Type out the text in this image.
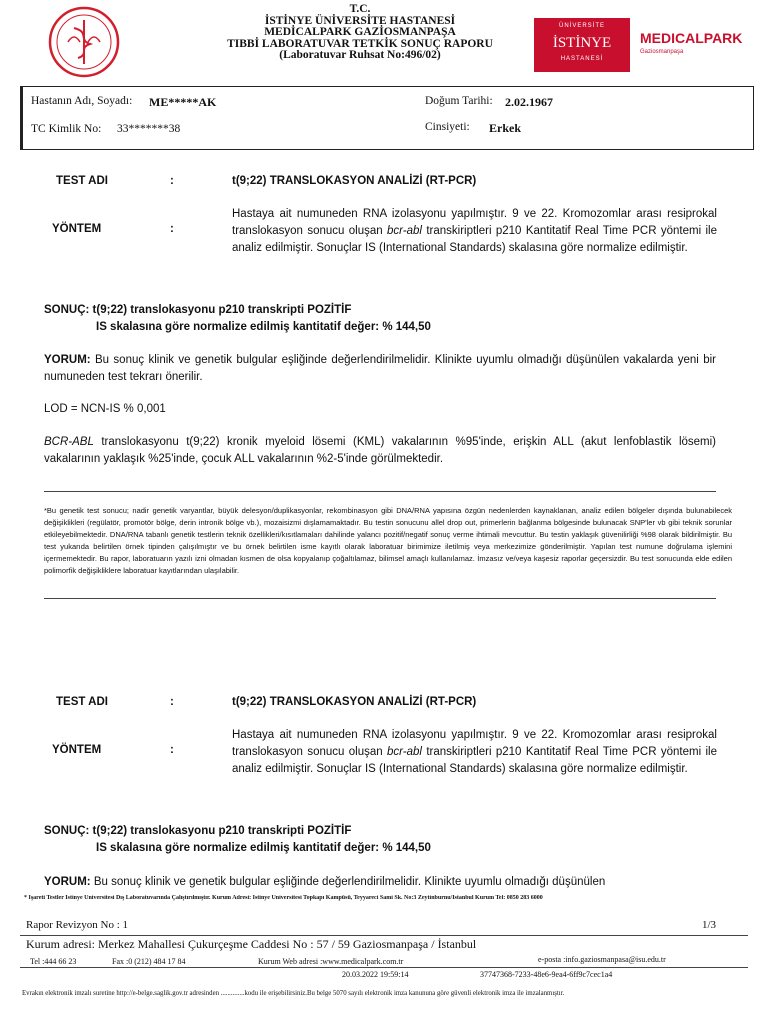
T.C.
İSTİNYE ÜNİVERSİTE HASTANESİ
MEDİCALPARK GAZİOSMANPAŞA
TIBBİ LABORATUVAR TETKİK SONUÇ RAPORU
(Laboratuvar Ruhsat No:496/02)
ÜNİVERSİTE
İSTİNYE
HASTANESİ
MEDICALPARK
Gaziosmanpaşa
Hastanın Adı, Soyadı: ME*****AK	Doğum Tarihi: 2.02.1967
TC Kimlik No: 33*******38	Cinsiyeti: Erkek
TEST ADI	:	t(9;22) TRANSLOKASYON ANALİZİ (RT-PCR)
YÖNTEM	:
Hastaya ait numuneden RNA izolasyonu yapılmıştır. 9 ve 22. Kromozomlar arası resiprokal translokasyon sonucu oluşan bcr-abl transkiriptleri p210 Kantitatif Real Time PCR yöntemi ile analiz edilmiştir. Sonuçlar IS (International Standards) skalasına göre normalize edilmiştir.
SONUÇ: t(9;22) translokasyonu p210 transkripti POZİTİF
IS skalasına göre normalize edilmiş kantitatif değer: % 144,50
YORUM: Bu sonuç klinik ve genetik bulgular eşliğinde değerlendirilmelidir. Klinikte uyumlu olmadığı düşünülen vakalarda yeni bir numuneden test tekrarı önerilir.
LOD = NCN-IS % 0,001
BCR-ABL translokasyonu t(9;22) kronik myeloid lösemi (KML) vakalarının %95'inde, erişkin ALL (akut lenfoblastik lösemi) vakalarının yaklaşık %25'inde, çocuk ALL vakalarının %2-5'inde görülmektedir.
*Bu genetik test sonucu; nadir genetik varyantlar, büyük delesyon/duplikasyonlar, rekombinasyon gibi DNA/RNA yapısına özgün nedenlerden kaynaklanan, analiz edilen bölgeler dışında bulunabilecek değişiklikleri (regülatör, promotör bölge, derin intronik bölge vb.), mozaisizmi dışlamamaktadır. Bu testin sonucunu allel drop out, primerlerin bağlanma bölgesinde bulunacak SNP'ler vb gibi teknik sorunlar etkileyebilmektedir. DNA/RNA tabanlı genetik testlerin teknik özellikleri/kısıtlamaları dahilinde yalancı pozitif/negatif sonuç verme ihtimali mevcuttur. Bu testin yaklaşık güvenilirliği %98 olarak bildirilmiştir. Bu test yukarıda belirtilen örnek tipinden çalışılmıştır ve bu örnek belirtilen isme kayıtlı olarak laboratuar birimimize iletilmiş veya merkezimize gönderilmiştir. Yapılan test numune doğrulama işlemini içermemektedir. Bu rapor, laboratuarın yazılı izni olmadan kısmen de olsa kopyalanıp çoğaltılamaz, bilimsel amaçlı kullanılamaz. İmzasız ve/veya kaşesiz raporlar geçersizdir. Bu test sonucunda elde edilen polimorfik değişikliklere laboratuar kayıtlarından ulaşılabilir.
TEST ADI	:	t(9;22) TRANSLOKASYON ANALİZİ (RT-PCR)
YÖNTEM	:
Hastaya ait numuneden RNA izolasyonu yapılmıştır. 9 ve 22. Kromozomlar arası resiprokal translokasyon sonucu oluşan bcr-abl transkiriptleri p210 Kantitatif Real Time PCR yöntemi ile analiz edilmiştir. Sonuçlar IS (International Standards) skalasına göre normalize edilmiştir.
SONUÇ: t(9;22) translokasyonu p210 transkripti POZİTİF
IS skalasına göre normalize edilmiş kantitatif değer: % 144,50
YORUM: Bu sonuç klinik ve genetik bulgular eşliğinde değerlendirilmelidir. Klinikte uyumlu olmadığı düşünülen
* İşareti Testler İstinye Üniversitesi Dış Laboratuvarında Çalıştırılmıştır. Kurum Adresi: İstinye Üniversitesi Topkapı Kampüsü, Teyyareci Sami Sk. No:3 Zeytinburnu/İstanbul Kurum Tel: 0850 283 6000
Rapor Revizyon No : 1	1/3
Kurum adresi: Merkez Mahallesi Çukurçeşme Caddesi No : 57 / 59 Gaziosmanpaşa / İstanbul
Tel :444 66 23	Fax :0 (212) 484 17 84	Kurum Web adresi :www.medicalpark.com.tr	e-posta :info.gaziosmanpasa@isu.edu.tr
20.03.2022 19:59:14	37747368-7233-48e6-9ea4-6ff9c7cec1a4
Evrakın elektronik imzalı suretine http://e-belge.saglik.gov.tr adresinden ..............kodu ile erişebilirsiniz.Bu belge 5070 sayılı elektronik imza kanununa göre güvenli elektronik imza ile imzalanmıştır.
